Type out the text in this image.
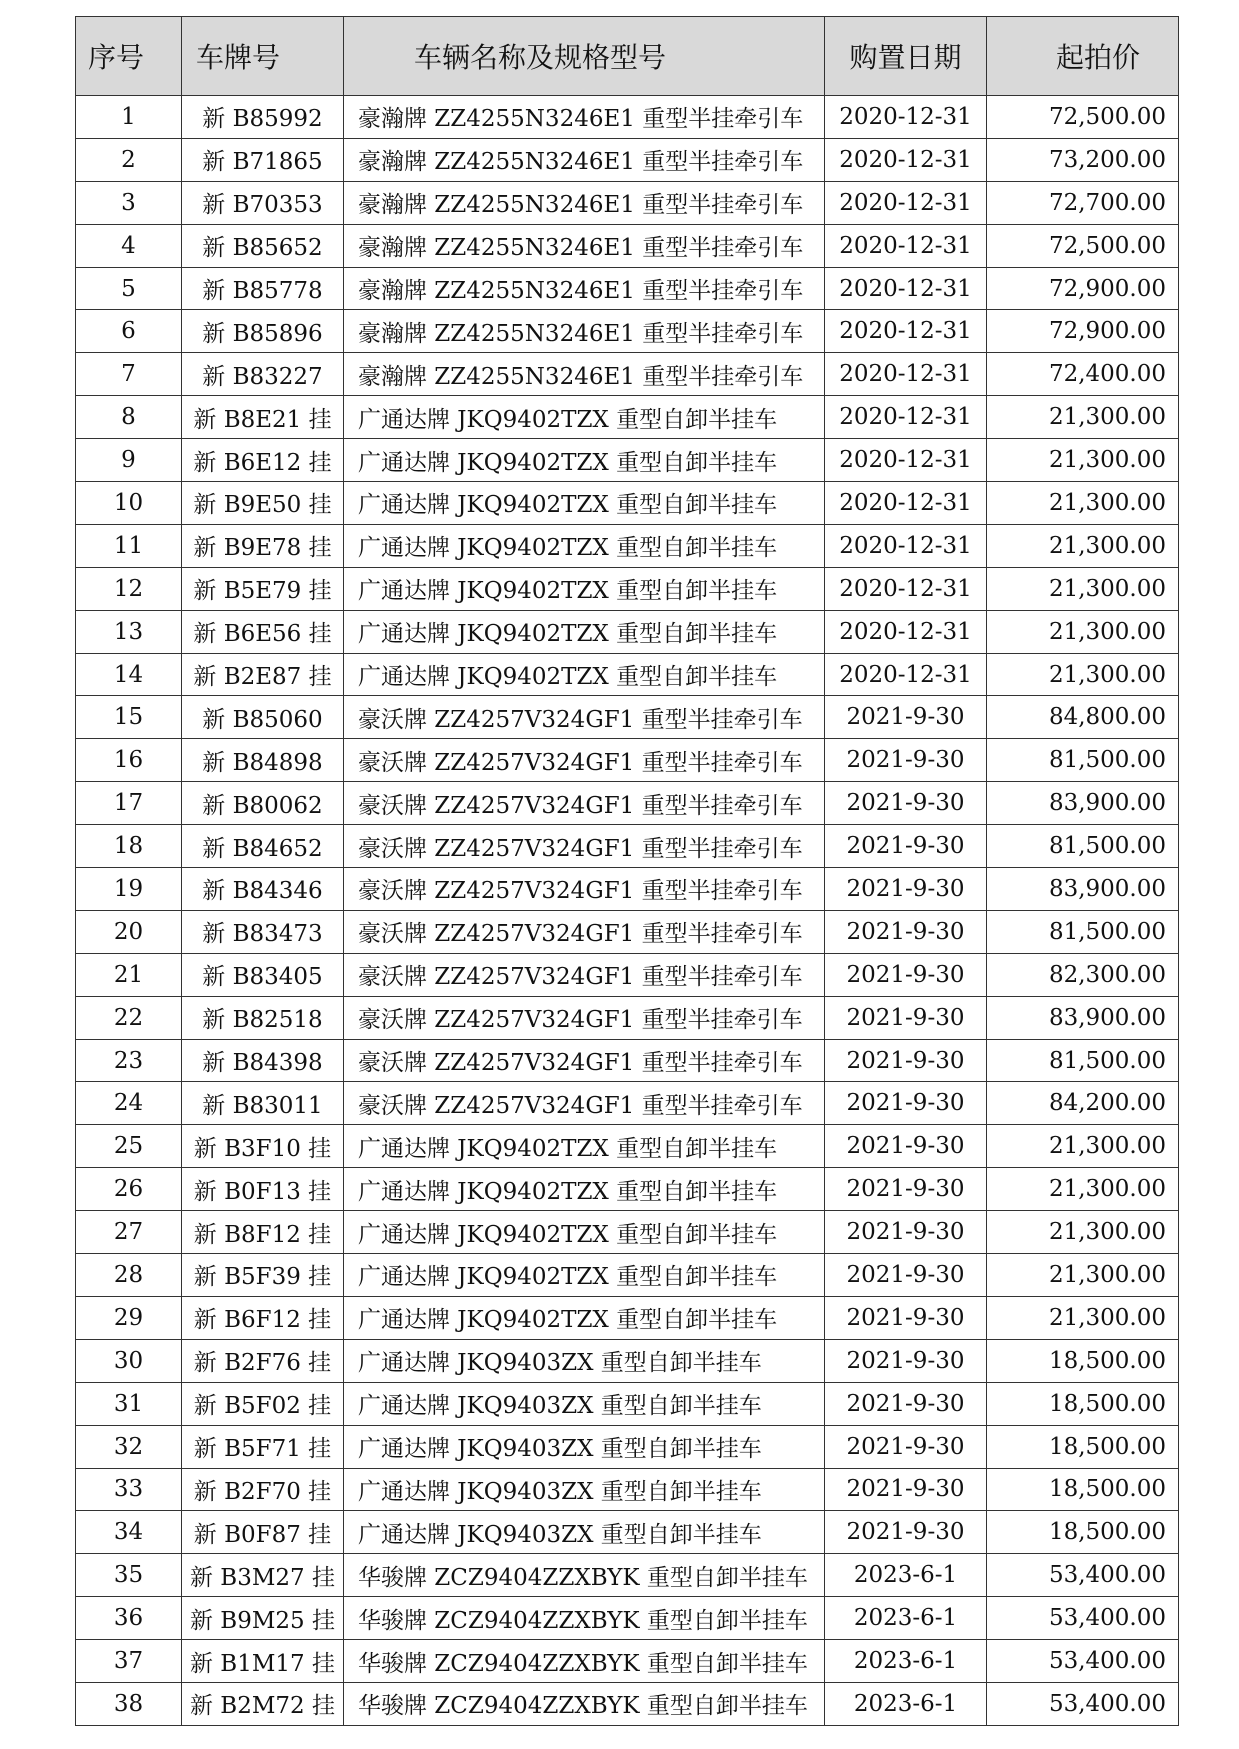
序号	车牌号	车辆名称及规格型号	购置日期	起拍价
1	新 B85992	豪瀚牌 ZZ4255N3246E1 重型半挂牵引车	2020-12-31	72,500.00
2	新 B71865	豪瀚牌 ZZ4255N3246E1 重型半挂牵引车	2020-12-31	73,200.00
3	新 B70353	豪瀚牌 ZZ4255N3246E1 重型半挂牵引车	2020-12-31	72,700.00
4	新 B85652	豪瀚牌 ZZ4255N3246E1 重型半挂牵引车	2020-12-31	72,500.00
5	新 B85778	豪瀚牌 ZZ4255N3246E1 重型半挂牵引车	2020-12-31	72,900.00
6	新 B85896	豪瀚牌 ZZ4255N3246E1 重型半挂牵引车	2020-12-31	72,900.00
7	新 B83227	豪瀚牌 ZZ4255N3246E1 重型半挂牵引车	2020-12-31	72,400.00
8	新 B8E21 挂	广通达牌 JKQ9402TZX 重型自卸半挂车	2020-12-31	21,300.00
9	新 B6E12 挂	广通达牌 JKQ9402TZX 重型自卸半挂车	2020-12-31	21,300.00
10	新 B9E50 挂	广通达牌 JKQ9402TZX 重型自卸半挂车	2020-12-31	21,300.00
11	新 B9E78 挂	广通达牌 JKQ9402TZX 重型自卸半挂车	2020-12-31	21,300.00
12	新 B5E79 挂	广通达牌 JKQ9402TZX 重型自卸半挂车	2020-12-31	21,300.00
13	新 B6E56 挂	广通达牌 JKQ9402TZX 重型自卸半挂车	2020-12-31	21,300.00
14	新 B2E87 挂	广通达牌 JKQ9402TZX 重型自卸半挂车	2020-12-31	21,300.00
15	新 B85060	豪沃牌 ZZ4257V324GF1 重型半挂牵引车	2021-9-30	84,800.00
16	新 B84898	豪沃牌 ZZ4257V324GF1 重型半挂牵引车	2021-9-30	81,500.00
17	新 B80062	豪沃牌 ZZ4257V324GF1 重型半挂牵引车	2021-9-30	83,900.00
18	新 B84652	豪沃牌 ZZ4257V324GF1 重型半挂牵引车	2021-9-30	81,500.00
19	新 B84346	豪沃牌 ZZ4257V324GF1 重型半挂牵引车	2021-9-30	83,900.00
20	新 B83473	豪沃牌 ZZ4257V324GF1 重型半挂牵引车	2021-9-30	81,500.00
21	新 B83405	豪沃牌 ZZ4257V324GF1 重型半挂牵引车	2021-9-30	82,300.00
22	新 B82518	豪沃牌 ZZ4257V324GF1 重型半挂牵引车	2021-9-30	83,900.00
23	新 B84398	豪沃牌 ZZ4257V324GF1 重型半挂牵引车	2021-9-30	81,500.00
24	新 B83011	豪沃牌 ZZ4257V324GF1 重型半挂牵引车	2021-9-30	84,200.00
25	新 B3F10 挂	广通达牌 JKQ9402TZX 重型自卸半挂车	2021-9-30	21,300.00
26	新 B0F13 挂	广通达牌 JKQ9402TZX 重型自卸半挂车	2021-9-30	21,300.00
27	新 B8F12 挂	广通达牌 JKQ9402TZX 重型自卸半挂车	2021-9-30	21,300.00
28	新 B5F39 挂	广通达牌 JKQ9402TZX 重型自卸半挂车	2021-9-30	21,300.00
29	新 B6F12 挂	广通达牌 JKQ9402TZX 重型自卸半挂车	2021-9-30	21,300.00
30	新 B2F76 挂	广通达牌 JKQ9403ZX 重型自卸半挂车	2021-9-30	18,500.00
31	新 B5F02 挂	广通达牌 JKQ9403ZX 重型自卸半挂车	2021-9-30	18,500.00
32	新 B5F71 挂	广通达牌 JKQ9403ZX 重型自卸半挂车	2021-9-30	18,500.00
33	新 B2F70 挂	广通达牌 JKQ9403ZX 重型自卸半挂车	2021-9-30	18,500.00
34	新 B0F87 挂	广通达牌 JKQ9403ZX 重型自卸半挂车	2021-9-30	18,500.00
35	新 B3M27 挂	华骏牌 ZCZ9404ZZXBYK 重型自卸半挂车	2023-6-1	53,400.00
36	新 B9M25 挂	华骏牌 ZCZ9404ZZXBYK 重型自卸半挂车	2023-6-1	53,400.00
37	新 B1M17 挂	华骏牌 ZCZ9404ZZXBYK 重型自卸半挂车	2023-6-1	53,400.00
38	新 B2M72 挂	华骏牌 ZCZ9404ZZXBYK 重型自卸半挂车	2023-6-1	53,400.00
